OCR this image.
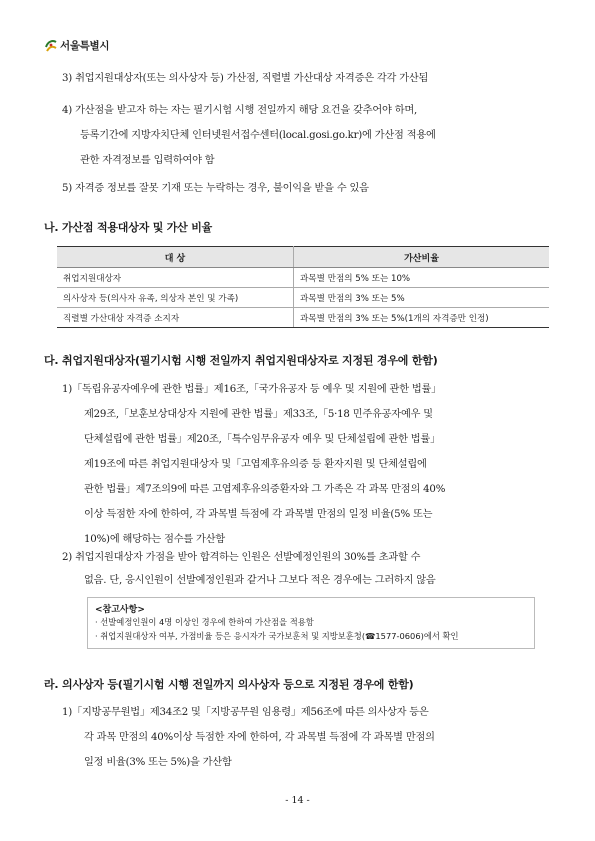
서울특별시
3) 취업지원대상자(또는 의사상자 등) 가산점, 직렬별 가산대상 자격증은 각각 가산됨
4) 가산점을 받고자 하는 자는 필기시험 시행 전일까지 해당 요건을 갖추어야 하며,
등록기간에 지방자치단체 인터넷원서접수센터(local.gosi.go.kr)에 가산점 적용에
관한 자격정보를 입력하여야 함
5) 자격증 정보를 잘못 기재 또는 누락하는 경우, 불이익을 받을 수 있음
나. 가산점 적용대상자 및 가산 비율
대 상	가산비율
취업지원대상자	과목별 만점의 5% 또는 10%
의사상자 등(의사자 유족, 의상자 본인 및 가족)	과목별 만점의 3% 또는 5%
직렬별 가산대상 자격증 소지자	과목별 만점의 3% 또는 5%(1개의 자격증만 인정)
다. 취업지원대상자(필기시험 시행 전일까지 취업지원대상자로 지정된 경우에 한함)
1)「독립유공자예우에 관한 법률」제16조,「국가유공자 등 예우 및 지원에 관한 법률」
제29조,「보훈보상대상자 지원에 관한 법률」제33조,「5·18 민주유공자예우 및
단체설립에 관한 법률」제20조,「특수임무유공자 예우 및 단체설립에 관한 법률」
제19조에 따른 취업지원대상자 및「고엽제후유의증 등 환자지원 및 단체설립에
관한 법률」제7조의9에 따른 고엽제후유의증환자와 그 가족은 각 과목 만점의 40%
이상 득점한 자에 한하여, 각 과목별 득점에 각 과목별 만점의 일정 비율(5% 또는
10%)에 해당하는 점수를 가산함
2) 취업지원대상자 가점을 받아 합격하는 인원은 선발예정인원의 30%를 초과할 수
없음. 단, 응시인원이 선발예정인원과 같거나 그보다 적은 경우에는 그러하지 않음
<참고사항>
· 선발예정인원이 4명 이상인 경우에 한하여 가산점을 적용함
· 취업지원대상자 여부, 가점비율 등은 응시자가 국가보훈처 및 지방보훈청(☎1577-0606)에서 확인
라. 의사상자 등(필기시험 시행 전일까지 의사상자 등으로 지정된 경우에 한함)
1)「지방공무원법」제34조2 및「지방공무원 임용령」제56조에 따른 의사상자 등은
각 과목 만점의 40%이상 득점한 자에 한하여, 각 과목별 득점에 각 과목별 만점의
일정 비율(3% 또는 5%)을 가산함
- 14 -
